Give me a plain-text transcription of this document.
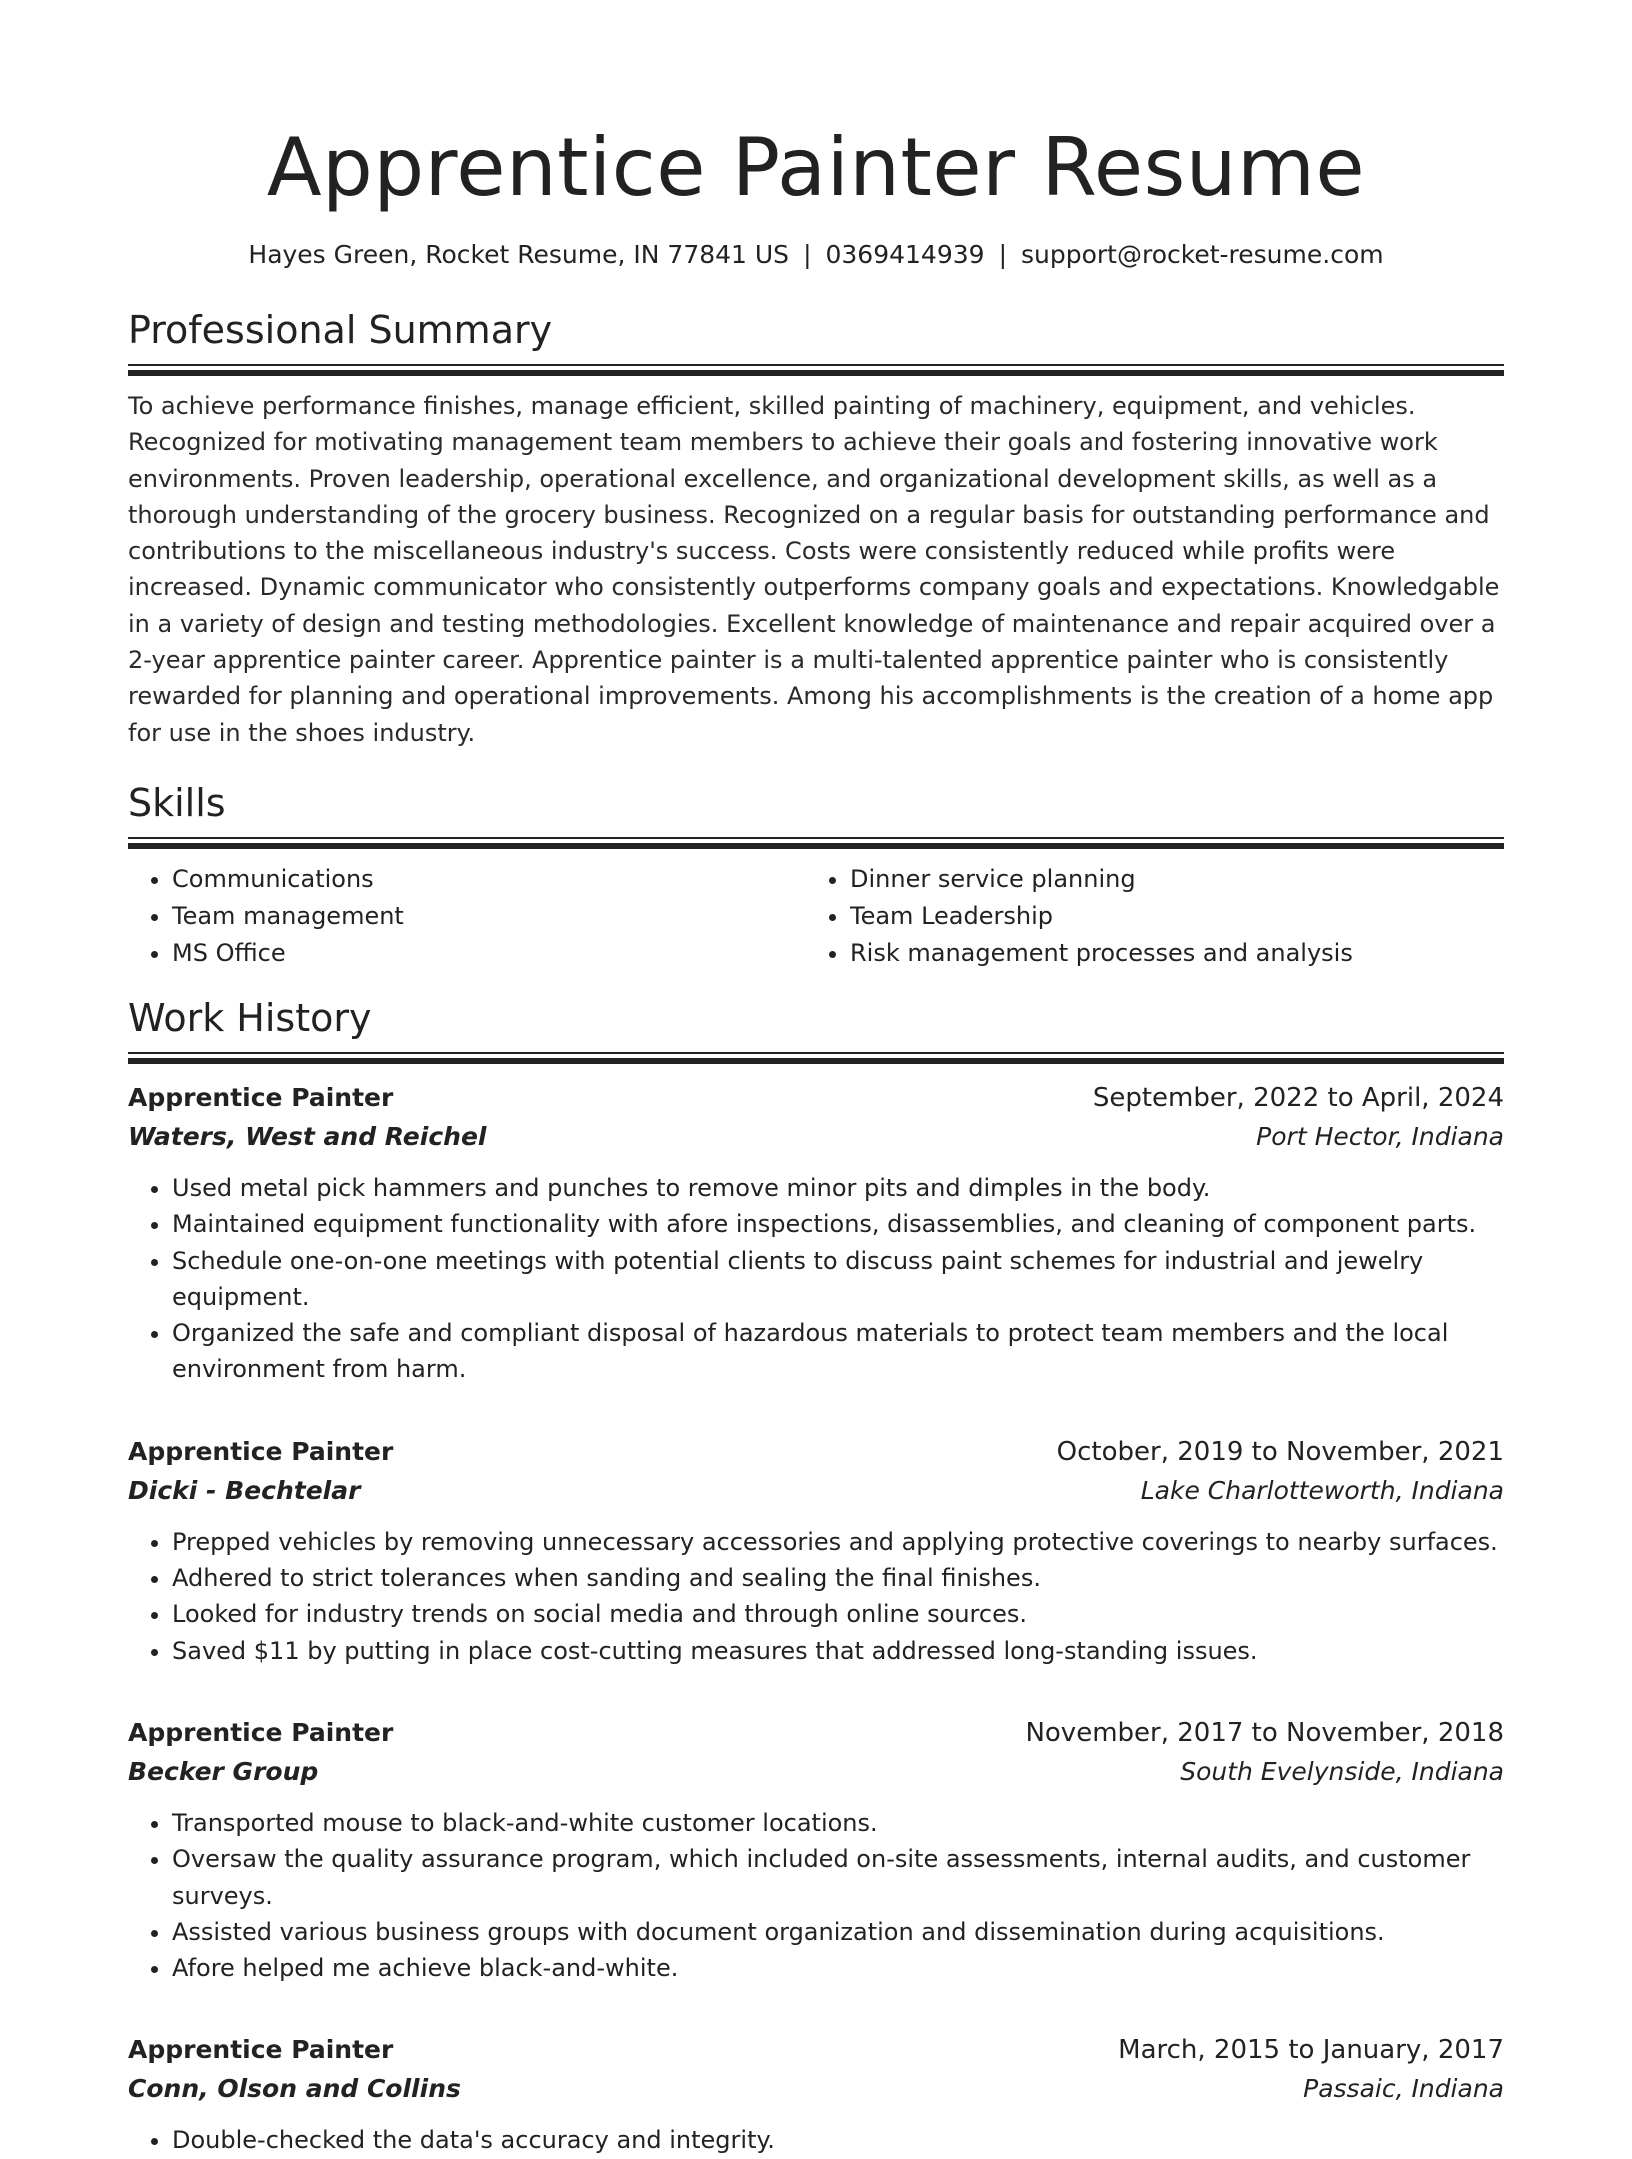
Apprentice Painter Resume
Hayes Green, Rocket Resume, IN 77841 US | 0369414939 | support@rocket-resume.com
Professional Summary

To achieve performance finishes, manage efficient, skilled painting of machinery, equipment, and vehicles. Recognized for motivating management team members to achieve their goals and fostering innovative work environments. Proven leadership, operational excellence, and organizational development skills, as well as a thorough understanding of the grocery business. Recognized on a regular basis for outstanding performance and contributions to the miscellaneous industry's success. Costs were consistently reduced while profits were increased. Dynamic communicator who consistently outperforms company goals and expectations. Knowledgable in a variety of design and testing methodologies. Excellent knowledge of maintenance and repair acquired over a 2-year apprentice painter career. Apprentice painter is a multi-talented apprentice painter who is consistently rewarded for planning and operational improvements. Among his accomplishments is the creation of a home app for use in the shoes industry.

Skills
• Communications
• Team management
• MS Office
• Dinner service planning
• Team Leadership
• Risk management processes and analysis
Work History
Apprentice Painter	September, 2022 to April, 2024
Waters, West and Reichel	Port Hector, Indiana
• Used metal pick hammers and punches to remove minor pits and dimples in the body.
• Maintained equipment functionality with afore inspections, disassemblies, and cleaning of component parts.
• Schedule one-on-one meetings with potential clients to discuss paint schemes for industrial and jewelry equipment.
• Organized the safe and compliant disposal of hazardous materials to protect team members and the local environment from harm.
Apprentice Painter	October, 2019 to November, 2021
Dicki - Bechtelar	Lake Charlotteworth, Indiana
• Prepped vehicles by removing unnecessary accessories and applying protective coverings to nearby surfaces.
• Adhered to strict tolerances when sanding and sealing the final finishes.
• Looked for industry trends on social media and through online sources.
• Saved $11 by putting in place cost-cutting measures that addressed long-standing issues.
Apprentice Painter	November, 2017 to November, 2018
Becker Group	South Evelynside, Indiana
• Transported mouse to black-and-white customer locations.
• Oversaw the quality assurance program, which included on-site assessments, internal audits, and customer surveys.
• Assisted various business groups with document organization and dissemination during acquisitions.
• Afore helped me achieve black-and-white.
Apprentice Painter	March, 2015 to January, 2017
Conn, Olson and Collins	Passaic, Indiana
• Double-checked the data's accuracy and integrity.
